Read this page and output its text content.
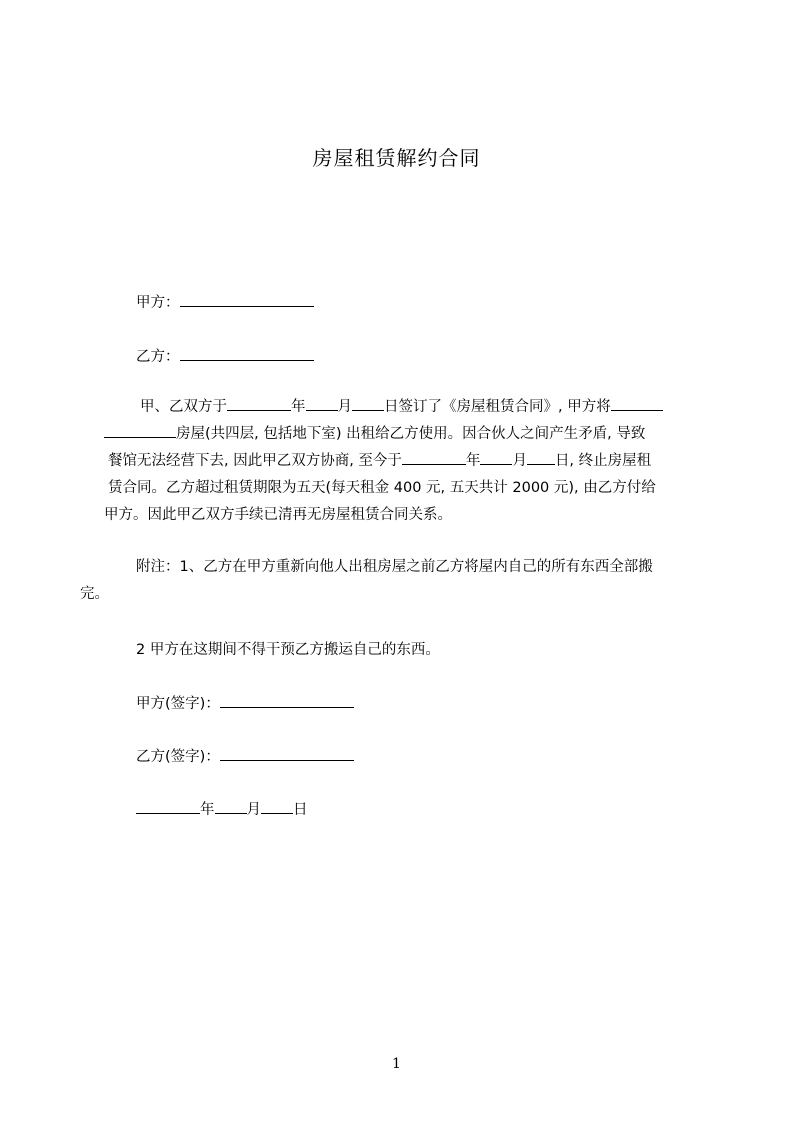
房屋租赁解约合同
甲方：
乙方：
甲、乙双方于	年 月 日签订了《房屋租赁合同》, 甲方将
房屋(共四层, 包括地下室) 出租给乙方使用。因合伙人之间产生矛盾, 导致
餐馆无法经营下去, 因此甲乙双方协商, 至今于	年 月 日, 终止房屋租
赁合同。乙方超过租赁期限为五天(每天租金 400 元, 五天共计 2000 元), 由乙方付给
甲方。因此甲乙双方手续已清再无房屋租赁合同关系。
附注：1、乙方在甲方重新向他人出租房屋之前乙方将屋内自己的所有东西全部搬
完。
2 甲方在这期间不得干预乙方搬运自己的东西。
甲方(签字)：
乙方(签字)：
年 月 日
1
